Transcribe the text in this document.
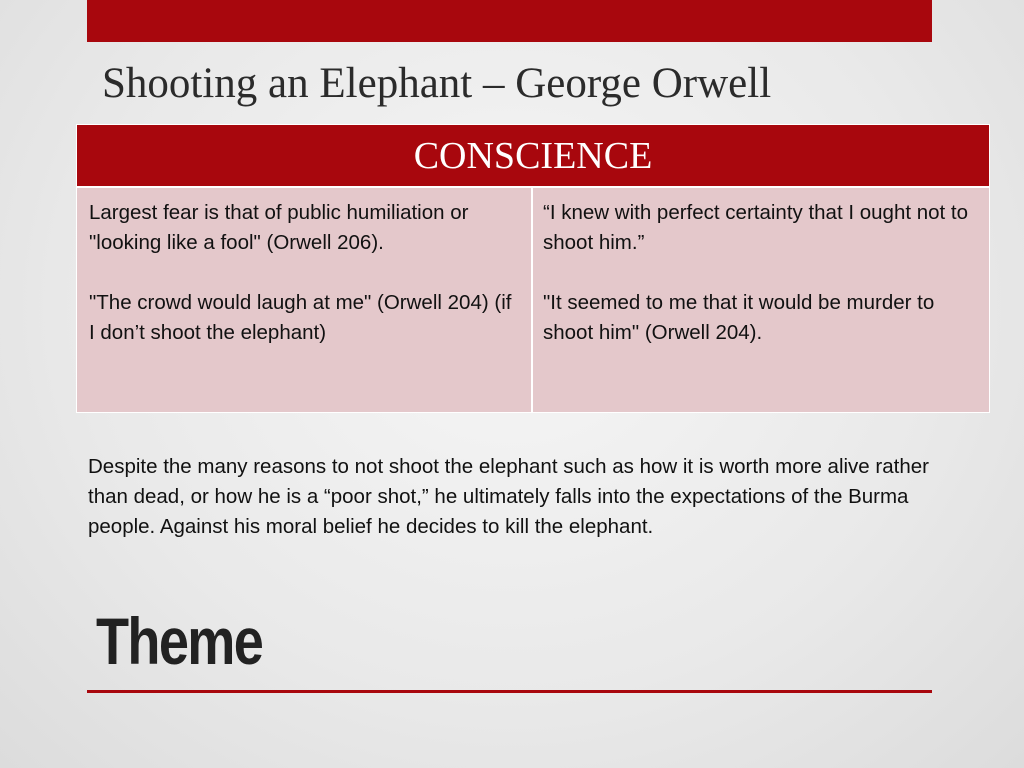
Shooting an Elephant – George Orwell
CONSCIENCE

Largest fear is that of public humiliation or "looking like a fool" (Orwell 206).

"The crowd would laugh at me" (Orwell 204) (if I don’t shoot the elephant)

“I knew with perfect certainty that I ought not to shoot him.”

"It seemed to me that it would be murder to shoot him" (Orwell 204).

Despite the many reasons to not shoot the elephant such as how it is worth more alive rather than dead, or how he is a “poor shot,” he ultimately falls into the expectations of the Burma people. Against his moral belief he decides to kill the elephant.
Theme
